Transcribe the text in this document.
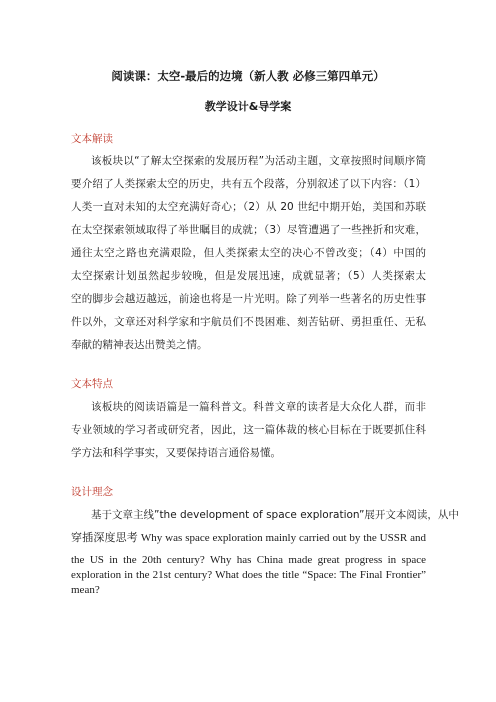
阅读课：太空-最后的边境（新人教 必修三第四单元）
教学设计&导学案
文本解读
该板块以“了解太空探索的发展历程”为活动主题，文章按照时间顺序简
要介绍了人类探索太空的历史，共有五个段落，分别叙述了以下内容：（1）
人类一直对未知的太空充满好奇心；（2）从 20 世纪中期开始，美国和苏联
在太空探索领域取得了举世瞩目的成就；（3）尽管遭遇了一些挫折和灾难，
通往太空之路也充满艰险，但人类探索太空的决心不曾改变；（4）中国的
太空探索计划虽然起步较晚，但是发展迅速，成就显著；（5）人类探索太
空的脚步会越迈越远，前途也将是一片光明。除了列举一些著名的历史性事
件以外，文章还对科学家和宇航员们不畏困难、刻苦钻研、勇担重任、无私
奉献的精神表达出赞美之情。
文本特点
该板块的阅读语篇是一篇科普文。科普文章的读者是大众化人群，而非
专业领域的学习者或研究者，因此，这一篇体裁的核心目标在于既要抓住科
学方法和科学事实，又要保持语言通俗易懂。
设计理念
基于文章主线”the development of space exploration”展开文本阅读，从中
穿插深度思考 Why was space exploration mainly carried out by the USSR and
the US in the 20th century? Why has China made great progress in space
exploration in the 21st century? What does the title “Space: The Final Frontier”
mean?
